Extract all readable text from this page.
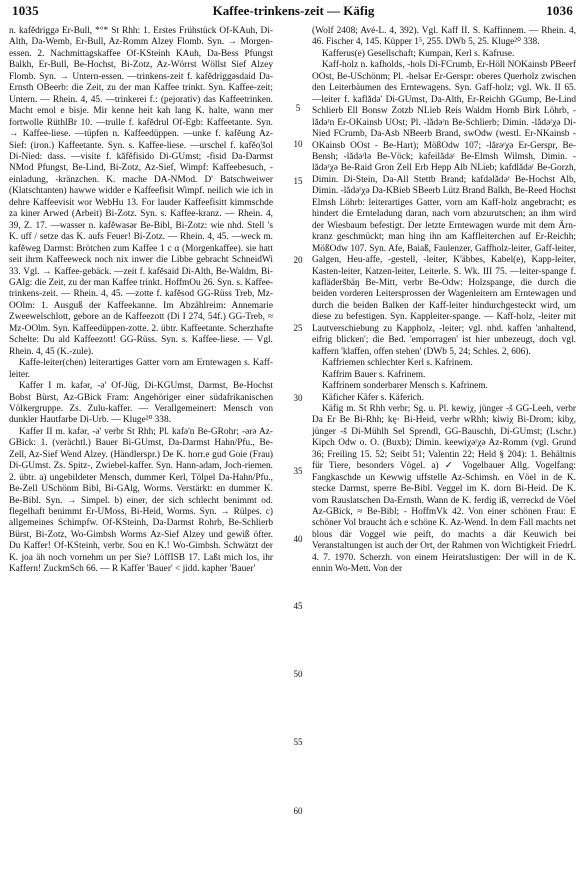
1035	Kaffee-trinkens-zeit — Käfig	1036

n. kafědriggə Er-Bull, *°* St Rhh: 1. Erstes Frühstück Of-KAuh, Di-Alth, Da-Wemb, Er-Bull, Az-Romm Alzey Flomb. Syn. → Morgen-essen. 2. Nachmittagskaffee Of-KSteinh KAuh, Da-Bess Pfungst Balkh, Er-Bull, Be-Hochst, Bi-Zotz, Az-Wörrst Wöllst Sief Alzey Flomb. Syn. → Untern-essen. —trinkens-zeit f. kafědriggəsdaid Da-Ernsth OBeerb: die Zeit, zu der man Kaffee trinkt. Syn. Kaffee-zeit; Untern. — Rhein. 4, 45. —trinkerei f.: (pejorativ) das Kaffeetrinken. Macht emol e bisje. Mir kenne heit kah lang K. halte, wann mer fortwolle RüthlBr 10. —trulle f. kafědrul Of-Egb: Kaffeetante. Syn. → Kaffee-liese. —tüpfen n. Kaffeedüppen. —unke f. kafěung Az-Sief: (iron.) Kaffeetante. Syn. s. Kaffee-liese. —urschel f. kafěo̜'šol Di-Nied: dass. —visite f. kǎfěfisido Di-GUmst; -fisid Da-Darmst NMod Pfungst, Be-Lind, Bi-Zotz, Az-Sief, Wimpf: Kaffeebesuch, -einladung, -kränzchen. K. mache DA-NMod. D' Batschweiwer (Klatschtanten) hawwe widder e Kaffeefisit Wimpf. neilich wie ich in dehre Kaffeevisit wor WebHu 13. For lauder Kaffeefisitt kimmschde za kiner Arwed (Arbeit) Bi-Zotz. Syn. s. Kaffee-kranz. — Rhein. 4, 39, Z. 17. —wasser n. kafěwasər Be-Bibl, Bi-Zotz: wie nhd. Stell 's K. uff / setze das K. aufs Feuer! Bi-Zotz. — Rhein. 4, 45. —weck m. kafěweg Darmst: Brötchen zum Kaffee 1 c α (Morgenkaffee). sie hatt seit ihrm Kaffeeweck noch nix inwer die Libbe gebracht SchneidWi 33. Vgl. → Kaffee-gebäck. —zeit f. kafěsaid Di-Alth, Be-Waldm, Bi-GAlg: die Zeit, zu der man Kaffee trinkt. HoffmOu 26. Syn. s. Kaffee-trinkens-zeit. — Rhein. 4, 45. —zotte f. kafěsod GG-Rüss Treb, Mz-OOlm: 1. Ausguß der Kaffeekanne. Im Abzählreim: Annemarie Zweewelschlott, gebore an de Kaffeezott (Di I 274, 54f.) GG-Treb, ≈ Mz-OOlm. Syn. Kaffeedüppen-zotte. 2. übtr. Kaffeetante. Scherzhafte Schelte: Du ald Kaffeezott! GG-Rüss. Syn. s. Kaffee-liese. — Vgl. Rhein. 4, 45 (K.-zule).

Kaffe-leiter(chen) leiterartiges Gatter vorn am Erntewagen s. Kaff-leiter.

Kaffer I m. kafər, -ə' Of-Jüg, Di-KGUmst, Darmst, Be-Hochst Bobst Bürst, Az-GBick Fram: Angehöriger einer südafrikanischen Völkergruppe. Zs. Zulu-kaffer. — Verallgemeinert: Mensch von dunkler Hautfarbe Di-Urb. — Kluge²⁰ 338.

Kaffer II m. kafər, -ə' verbr St Rhh; Pl. kafə'n Be-GRohr; -ərə Az-GBick: 1. (verächtl.) Bauer Bi-GUmst, Da-Darmst Hahn/Pfu., Be-Zell, Az-Sief Wend Alzey. (Händlerspr.) De K. horr.e gud Goie (Frau) Di-GUmst. Zs. Spitz-, Zwiebel-kaffer. Syn. Hann-adam, Joch-riemen. 2. übtr. a) ungebildeter Mensch, dummer Kerl, Tölpel Da-Hahn/Pfu., Be-Zell USchönm Bibl, Bi-GAlg, Worms. Verstärkt: en dummer K. Be-Bibl. Syn. → Simpel. b) einer, der sich schlecht benimmt od. flegelhaft benimmt Er-UMoss, Bi-Heid, Worms. Syn. → Rülpes. c) allgemeines Schimpfw. Of-KSteinh, Da-Darmst Rohrb, Be-Schlierb Bürst, Bi-Zotz, Wo-Gimbsh Worms Az-Sief Alzey und gewiß öfter. Du Kaffer! Of-KSteinh, verbr. Sou en K.! Wo-Gimbsh. Schwätzt der K. joa äh noch vornehm un per Sie? LöffISB 17. Laßt mich los, ihr Kaffern! ZuckmSch 66. — R Kaffer 'Bauer' < jidd. kapher 'Bauer'

5
10
15
20
25
30
35
40
45
50
55
60

(Wolf 2408; Avé-L. 4, 392). Vgl. Kaff II. S. Kaffinnem. — Rhein. 4, 46. Fischer 4, 145. Küpper 1⁵, 255. DWb 5, 25. Kluge²⁰ 338.

Kafferus(e) Gesellschaft; Kumpan, Kerl s. Kafruse.

Kaff-holz n. kafholds, -hols Di-FCrumb, Er-Höll NOKainsb PBeerf OOst, Be-USchönm; Pl. -helsər Er-Gerspr: oberes Querholz zwischen den Leiterbäumen des Erntewagens. Syn. Gaff-holz; vgl. Wk. II 65. —leiter f. kaflǎdə' Di-GUmst, Da-Alth, Er-Reichh GGump, Be-Lind Schlierb Ell Bonsw Zotzb NLieb Reis Waldm Hornb Birk Löhrb, -lǎdəʳn Er-OKainsb UOst; Pl. -lǎdəʳn Be-Schlierb; Dimin. -lǎdəʳχə Di-Nied FCrumb, Da-Asb NBeerb Brand, swOdw (westl. Er-NKainsb - OKainsb OOst - Be-Hart); MößOdw 107; -lǎrəʳχə Er-Gerspr, Be-Bensh; -lǎdəʳlə Be-Vöck; kafeilǎdəʳ Be-Elmsh Wilmsh, Dimin. -lǎdəʳχə Be-Raid Gron Zell Erb Hepp Alb NLieb; kafdlǎdəʳ Be-Gorzh, Dimin. Di-Stein, Da-All Stettb Brand; kafdəlǎdəʳ Be-Hochst Alb, Dimin. -lǎdəʳχə Da-KBieb SBeerb Lütz Brand Balkh, Be-Reed Hochst Elmsh Löhrb: leiterartiges Gatter, vorn am Kaff-holz angebracht; es hindert die Ernteladung daran, nach vorn abzurutschen; an ihm wird der Wiesbaum befestigt. Der letzte Erntewagen wurde mit dem Ärn-kranz geschmückt; man hing ihn am Kaffleiterchen auf Er-Reichh; MößOdw 107. Syn. Afe, Baiaß, Faulenzer, Gaffholz-leiter, Gaff-leiter, Galgen, Heu-affe, -gestell, -leiter, K'äbbes, Kabel(e), Kapp-leiter, Kasten-leiter, Katzen-leiter, Leiterle. S. Wk. III 75. —leiter-spange f. kafläderšbäŋ Be-Mitt, verbr Be-Odw: Holzspange, die durch die beiden vorderen Leitersprossen der Wagenleitern am Erntewagen und durch die beiden Balken der Kaff-leiter hindurchgesteckt wird, um diese zu befestigen. Syn. Kappleiter-spange. — Kaff-holz, -leiter mit Lautverschiebung zu Kappholz, -leiter; vgl. nhd. kaffen 'anhaltend, eifrig blicken'; die Bed. 'emporragen' ist hier unbezeugt, doch vgl. kaffern 'klaffen, offen stehen' (DWb 5, 24; Schles. 2, 606).

Kaffriemen schlechter Kerl s. Kafrinem.

Kaffrim Bauer s. Kafrinem.

Kaffrinem sonderbarer Mensch s. Kafrinem.

Käficher Käfer s. Käferich.

Käfig m. St Rhh verbr; Sg. u. Pl. kewiχ, jünger -š GG-Leeh, verbr Da Er Be Bi-Rhh; kę· Bi-Heid, verbr wRhh; kiwiχ Bi-Drom; kibχ, jünger -š Di-Mühlh Sel Sprendl, GG-Bauschh, Di-GUmst; (Lschr.) Kipch Odw o. O. (Buxb); Dimin. keewiχəʳχə Az-Romm (vgl. Grund 36; Freiling 15. 52; Seibt 51; Valentin 22; Held § 204): 1. Behältnis für Tiere, besonders Vögel. a) ✓ Vogelbauer Allg. Vogelfang: Fangkaschde un Kewwig uffstelle Az-Schimsh. en Vöel in de K. stecke Darmst, sperre Be-Bibl. Veggel im K. dorn Bi-Heid. De K. vom Rauslatschen Da-Ernsth. Wann de K. ferdig iß, verreckd de Vöel Az-GBick, ≈ Be-Bibl; - HoffmVk 42. Von einer schönen Frau: E schöner Vol braucht äch e schöne K. Az-Wend. In dem Fall machts net blous där Voggel wie peift, do machts a där Keuwich bei Veranstaltungen ist auch der Ort, der Rahmen von Wichtigkeit FriedrL 4. 7. 1970. Scherzh. von einem Heiratslustigen: Der will in de K. ennin Wo-Mett. Von der
